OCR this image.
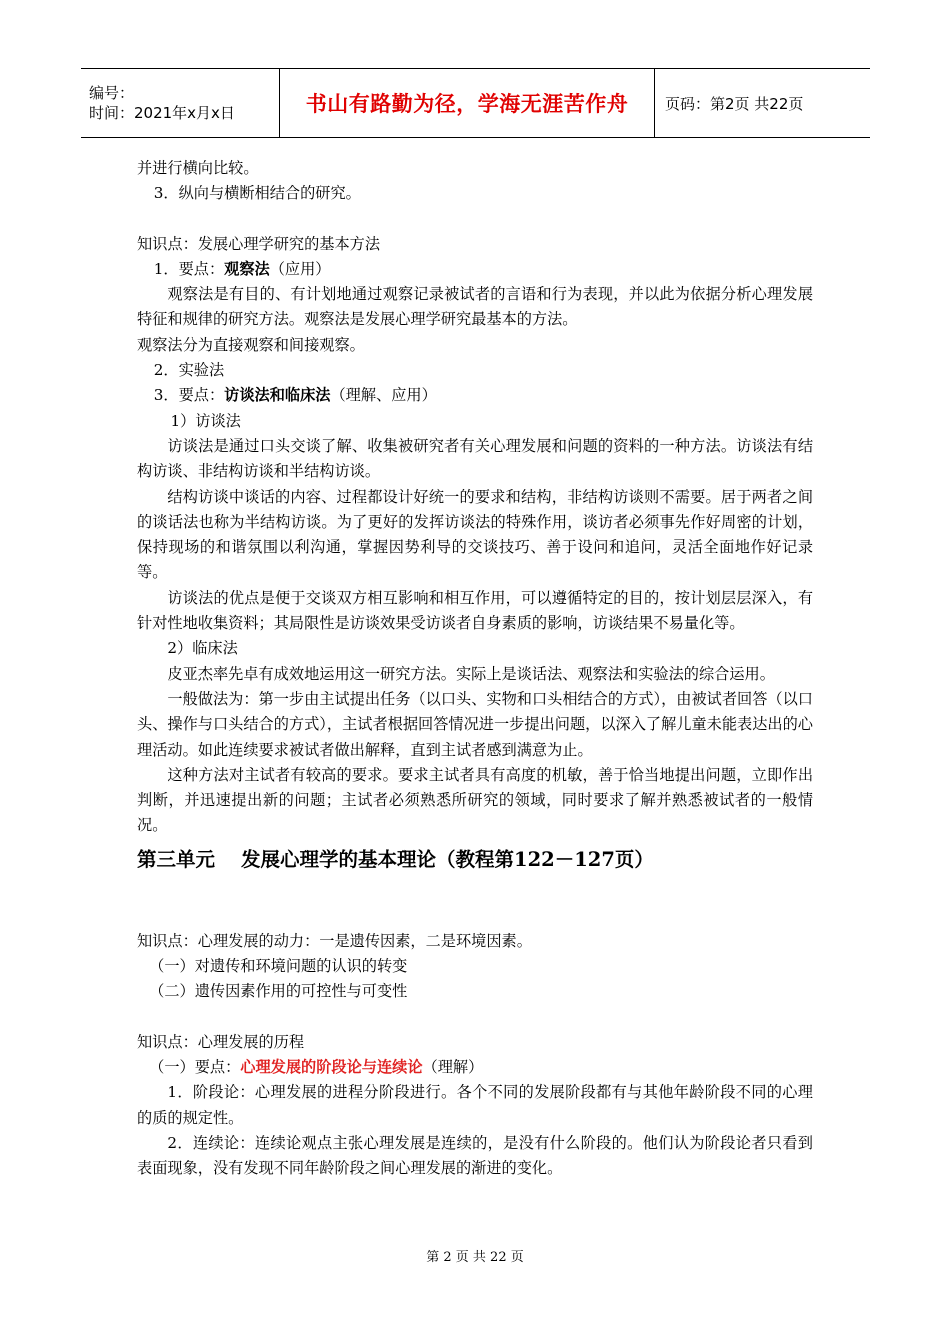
编号：
时间：2021年x月x日	书山有路勤为径，学海无涯苦作舟 页码：第2页 共22页

并进行横向比较。

3．纵向与横断相结合的研究。

知识点：发展心理学研究的基本方法

1．要点：观察法（应用）

观察法是有目的、有计划地通过观察记录被试者的言语和行为表现，并以此为依据分析心理发展特征和规律的研究方法。观察法是发展心理学研究最基本的方法。

观察法分为直接观察和间接观察。

2．实验法

3．要点：访谈法和临床法（理解、应用）

1）访谈法

访谈法是通过口头交谈了解、收集被研究者有关心理发展和问题的资料的一种方法。访谈法有结构访谈、非结构访谈和半结构访谈。

结构访谈中谈话的内容、过程都设计好统一的要求和结构，非结构访谈则不需要。居于两者之间的谈话法也称为半结构访谈。为了更好的发挥访谈法的特殊作用，谈访者必须事先作好周密的计划，保持现场的和谐氛围以利沟通，掌握因势利导的交谈技巧、善于设问和追问，灵活全面地作好记录等。

访谈法的优点是便于交谈双方相互影响和相互作用，可以遵循特定的目的，按计划层层深入，有针对性地收集资料；其局限性是访谈效果受访谈者自身素质的影响，访谈结果不易量化等。

2）临床法

皮亚杰率先卓有成效地运用这一研究方法。实际上是谈话法、观察法和实验法的综合运用。

一般做法为：第一步由主试提出任务（以口头、实物和口头相结合的方式），由被试者回答（以口头、操作与口头结合的方式），主试者根据回答情况进一步提出问题，以深入了解儿童未能表达出的心理活动。如此连续要求被试者做出解释，直到主试者感到满意为止。

这种方法对主试者有较高的要求。要求主试者具有高度的机敏，善于恰当地提出问题，立即作出判断，并迅速提出新的问题；主试者必须熟悉所研究的领域，同时要求了解并熟悉被试者的一般情况。

第三单元 发展心理学的基本理论（教程第122－127页）

知识点：心理发展的动力：一是遗传因素，二是环境因素。

（一）对遗传和环境问题的认识的转变

（二）遗传因素作用的可控性与可变性

知识点：心理发展的历程

（一）要点：心理发展的阶段论与连续论（理解）

1．阶段论：心理发展的进程分阶段进行。各个不同的发展阶段都有与其他年龄阶段不同的心理的质的规定性。

2．连续论：连续论观点主张心理发展是连续的，是没有什么阶段的。他们认为阶段论者只看到表面现象，没有发现不同年龄阶段之间心理发展的渐进的变化。

第 2 页 共 22 页
